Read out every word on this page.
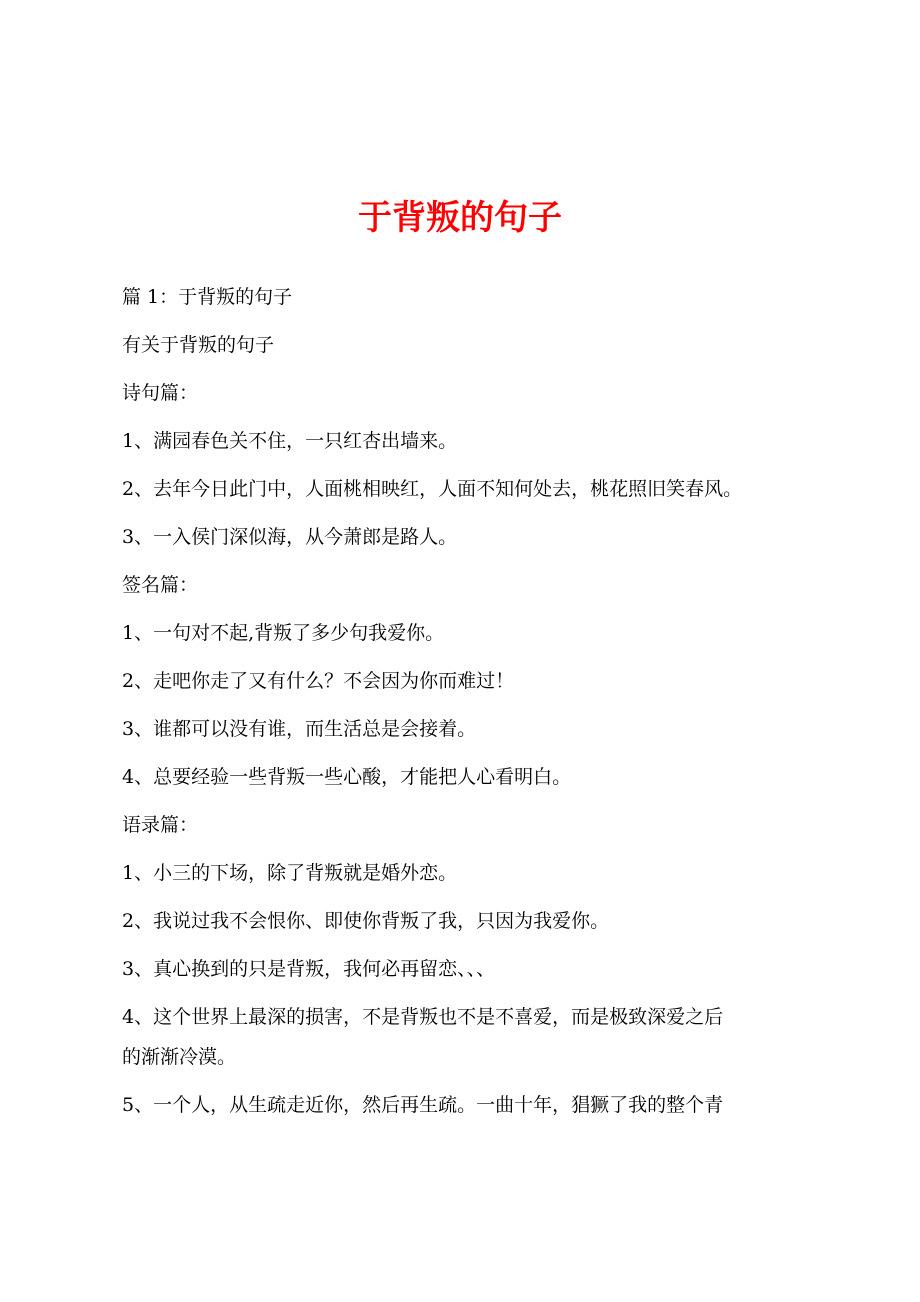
于背叛的句子

篇 1：于背叛的句子

有关于背叛的句子

诗句篇：

1、满园春色关不住，一只红杏出墙来。

2、去年今日此门中，人面桃相映红，人面不知何处去，桃花照旧笑春风。

3、一入侯门深似海，从今萧郎是路人。

签名篇：

1、一句对不起,背叛了多少句我爱你。

2、走吧你走了又有什么？不会因为你而难过！

3、谁都可以没有谁，而生活总是会接着。

4、总要经验一些背叛一些心酸，才能把人心看明白。

语录篇：

1、小三的下场，除了背叛就是婚外恋。

2、我说过我不会恨你、即使你背叛了我，只因为我爱你。

3、真心换到的只是背叛，我何必再留恋、、、

4、这个世界上最深的损害，不是背叛也不是不喜爱，而是极致深爱之后

的渐渐冷漠。

5、一个人，从生疏走近你，然后再生疏。一曲十年，猖獗了我的整个青
